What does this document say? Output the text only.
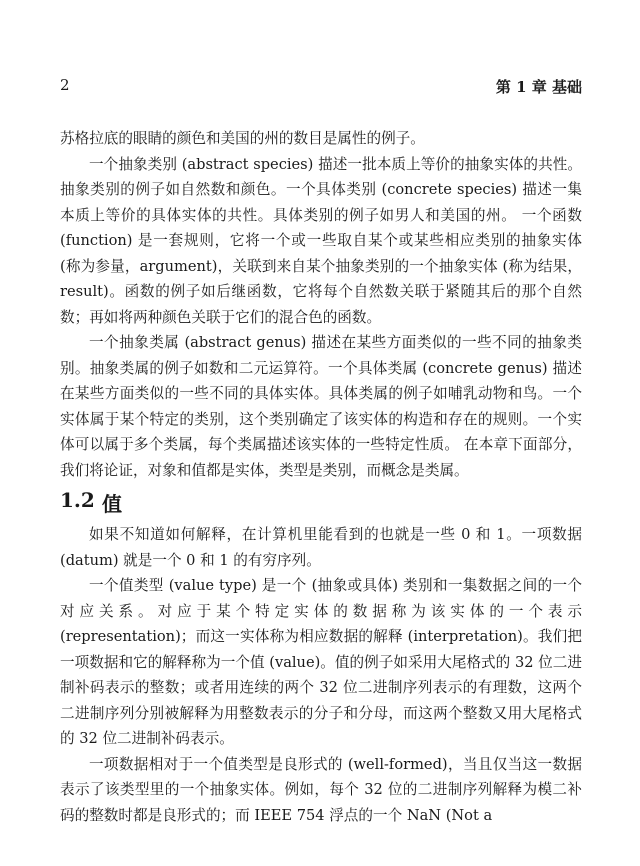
2	第 1 章 基础

苏格拉底的眼睛的颜色和美国的州的数目是属性的例子。

一个抽象类别 (abstract species) 描述一批本质上等价的抽象实体的共性。抽象类别的例子如自然数和颜色。一个具体类别 (concrete species) 描述一集本质上等价的具体实体的共性。具体类别的例子如男人和美国的州。 一个函数 (function) 是一套规则，它将一个或一些取自某个或某些相应类别的抽象实体 (称为参量，argument)，关联到来自某个抽象类别的一个抽象实体 (称为结果，result)。函数的例子如后继函数，它将每个自然数关联于紧随其后的那个自然数；再如将两种颜色关联于它们的混合色的函数。

一个抽象类属 (abstract genus) 描述在某些方面类似的一些不同的抽象类别。抽象类属的例子如数和二元运算符。一个具体类属 (concrete genus) 描述在某些方面类似的一些不同的具体实体。具体类属的例子如哺乳动物和鸟。一个实体属于某个特定的类别，这个类别确定了该实体的构造和存在的规则。一个实体可以属于多个类属，每个类属描述该实体的一些特定性质。 在本章下面部分，我们将论证，对象和值都是实体，类型是类别，而概念是类属。

1.2 值

如果不知道如何解释，在计算机里能看到的也就是一些 0 和 1。一项数据 (datum) 就是一个 0 和 1 的有穷序列。

一个值类型 (value type) 是一个 (抽象或具体) 类别和一集数据之间的一个对应关系。对应于某个特定实体的数据称为该实体的一个表示 (representation)；而这一实体称为相应数据的解释 (interpretation)。我们把一项数据和它的解释称为一个值 (value)。值的例子如采用大尾格式的 32 位二进制补码表示的整数；或者用连续的两个 32 位二进制序列表示的有理数，这两个二进制序列分别被解释为用整数表示的分子和分母，而这两个整数又用大尾格式的 32 位二进制补码表示。

一项数据相对于一个值类型是良形式的 (well-formed)，当且仅当这一数据表示了该类型里的一个抽象实体。例如，每个 32 位的二进制序列解释为模二补码的整数时都是良形式的；而 IEEE 754 浮点的一个 NaN (Not a
